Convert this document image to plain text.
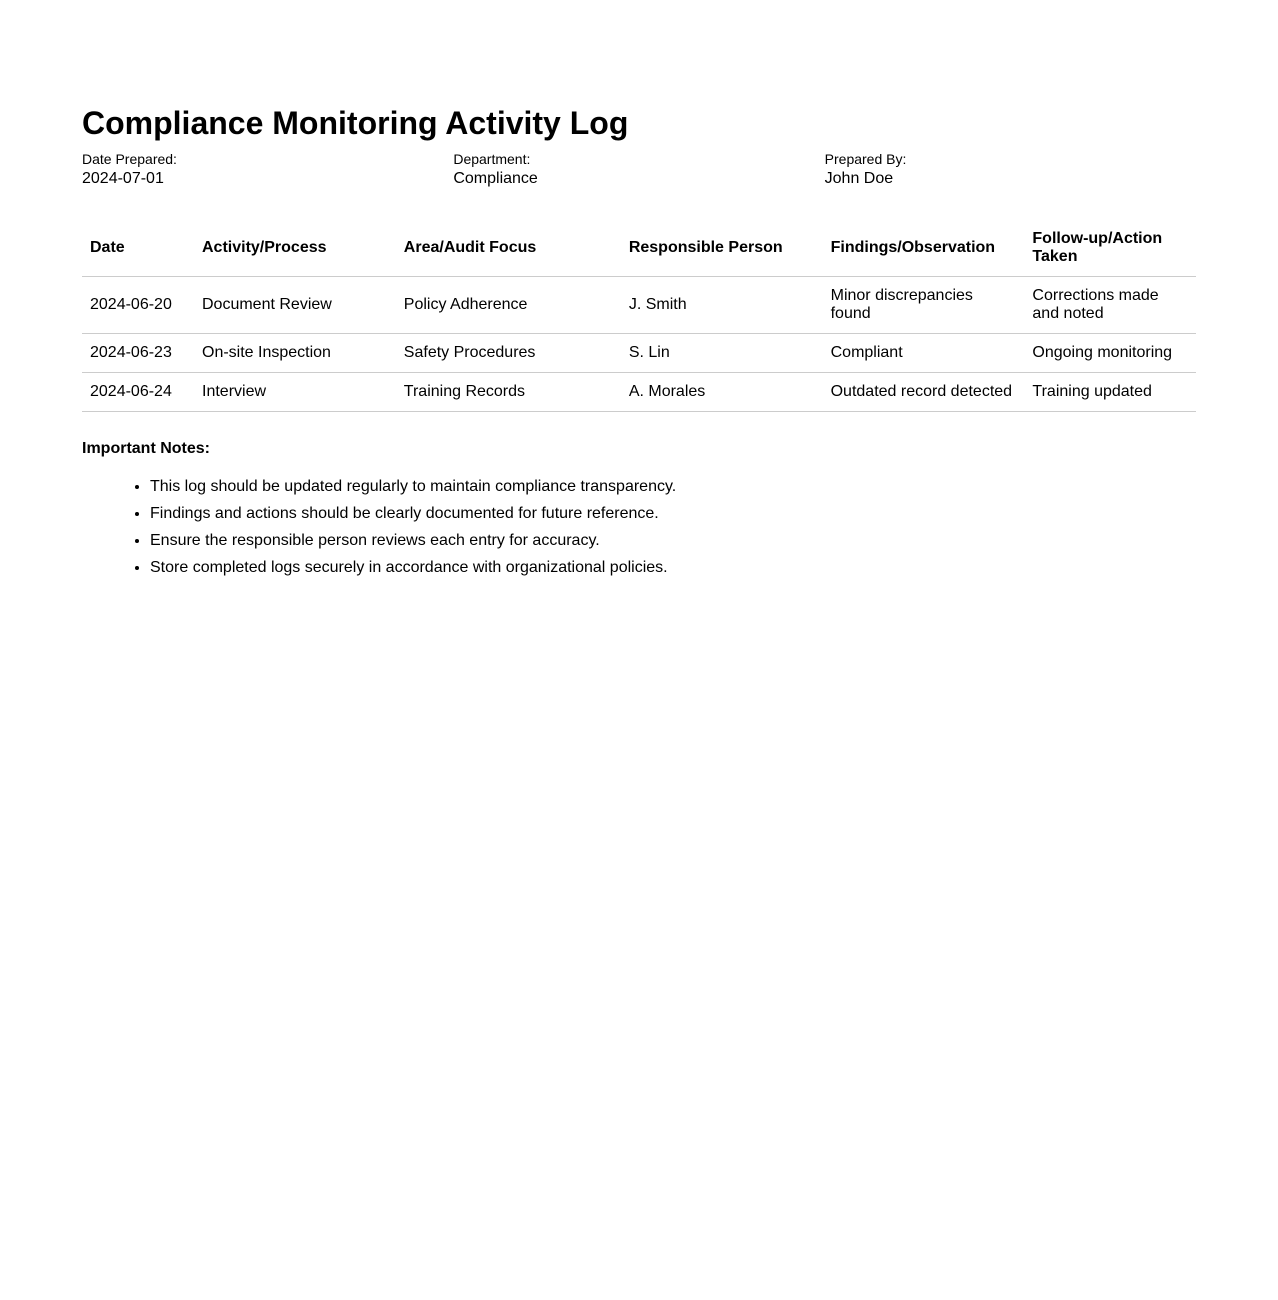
Compliance Monitoring Activity Log
Date Prepared:
2024-07-01
Department:
Compliance
Prepared By:
John Doe
Date	Activity/Process	Area/Audit Focus	Responsible Person	Findings/Observation	Follow-up/Action Taken
2024-06-20	Document Review	Policy Adherence	J. Smith	Minor discrepancies found	Corrections made and noted
2024-06-23	On-site Inspection	Safety Procedures	S. Lin	Compliant	Ongoing monitoring
2024-06-24	Interview	Training Records	A. Morales	Outdated record detected	Training updated
Important Notes:
• This log should be updated regularly to maintain compliance transparency.
• Findings and actions should be clearly documented for future reference.
• Ensure the responsible person reviews each entry for accuracy.
• Store completed logs securely in accordance with organizational policies.
